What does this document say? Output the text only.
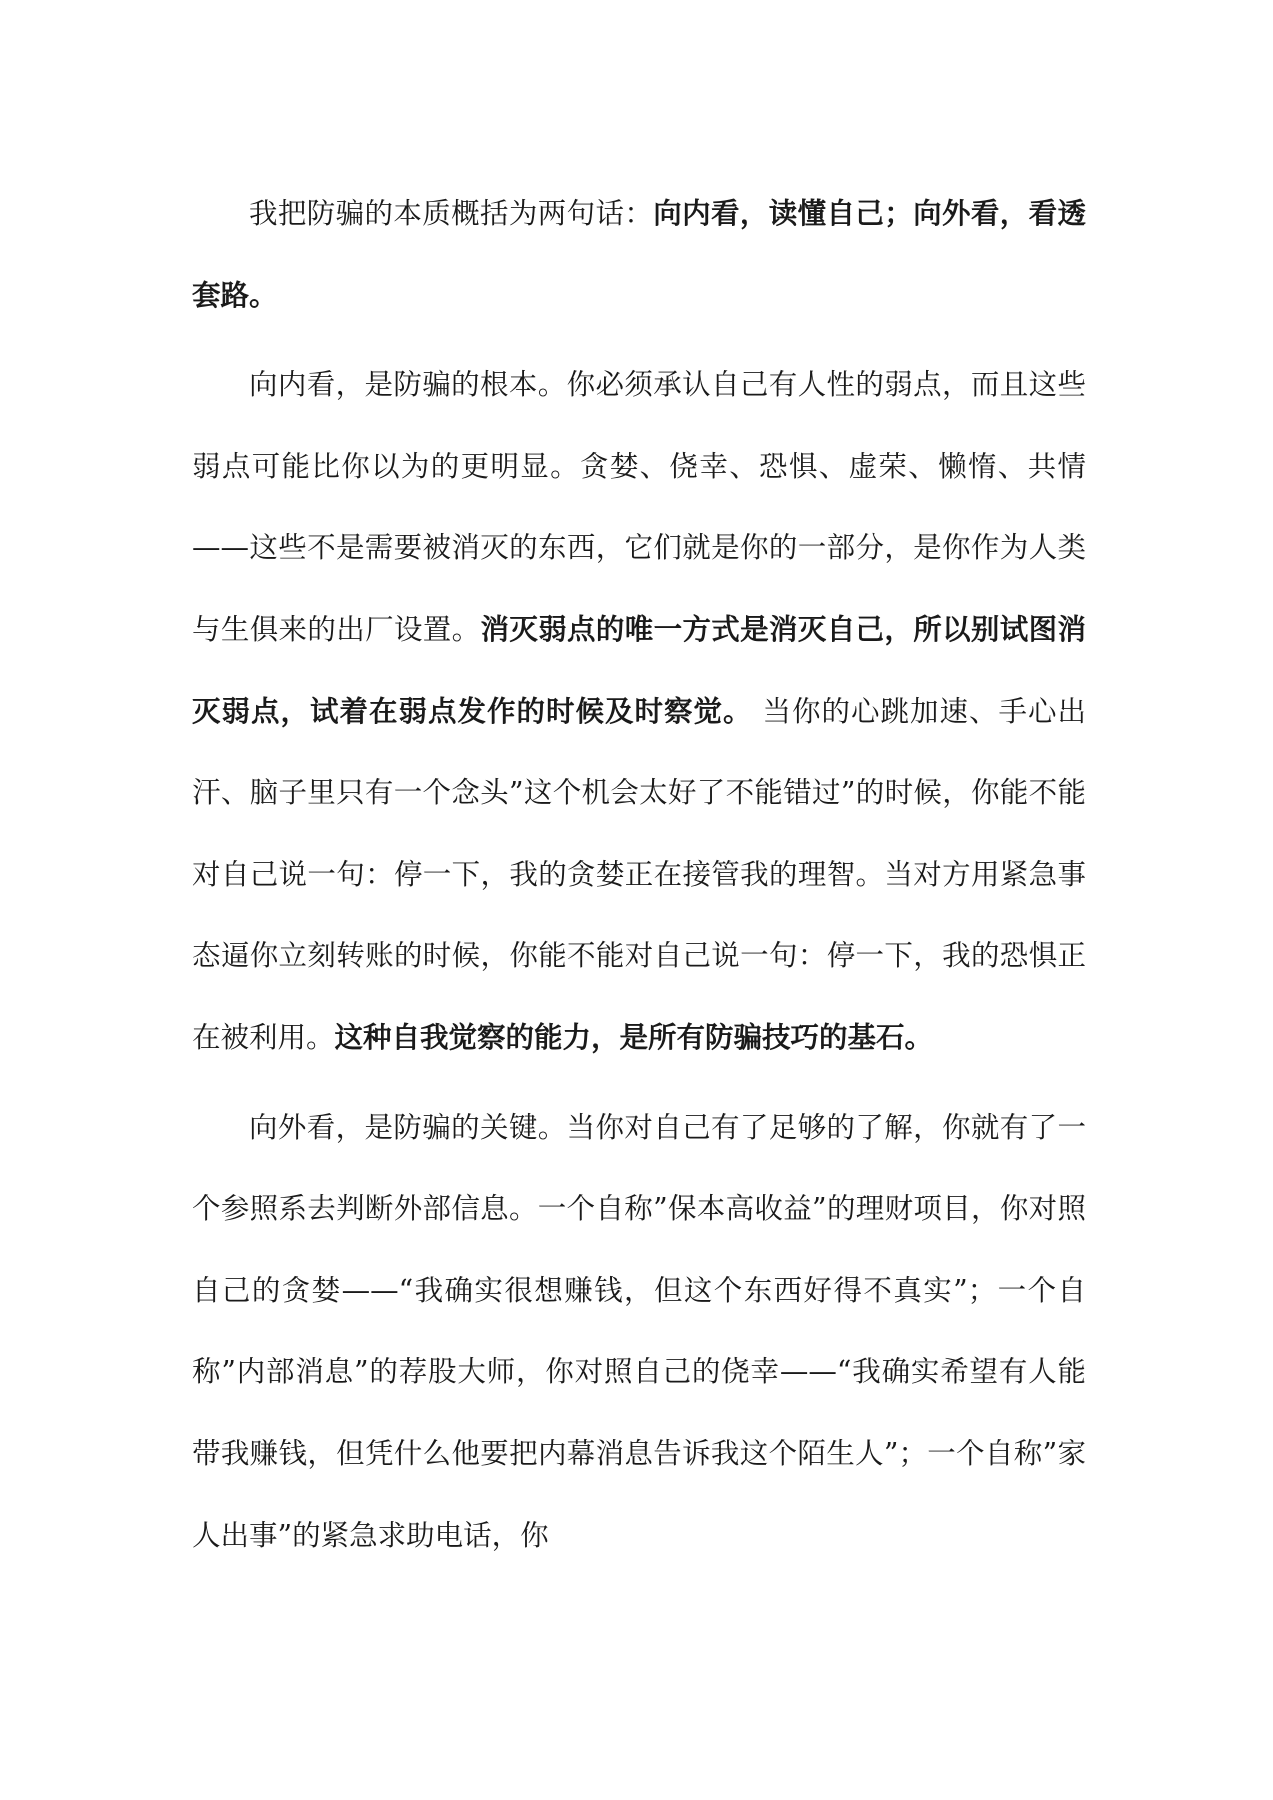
我把防骗的本质概括为两句话：向内看，读懂自己；向外看，看透套路。

向内看，是防骗的根本。你必须承认自己有人性的弱点，而且这些弱点可能比你以为的更明显。贪婪、侥幸、恐惧、虚荣、懒惰、共情——这些不是需要被消灭的东西，它们就是你的一部分，是你作为人类与生俱来的出厂设置。消灭弱点的唯一方式是消灭自己，所以别试图消灭弱点，试着在弱点发作的时候及时察觉。 当你的心跳加速、手心出汗、脑子里只有一个念头”这个机会太好了不能错过”的时候，你能不能对自己说一句：停一下，我的贪婪正在接管我的理智。当对方用紧急事态逼你立刻转账的时候，你能不能对自己说一句：停一下，我的恐惧正在被利用。这种自我觉察的能力，是所有防骗技巧的基石。

向外看，是防骗的关键。当你对自己有了足够的了解，你就有了一个参照系去判断外部信息。一个自称”保本高收益”的理财项目，你对照自己的贪婪——“我确实很想赚钱，但这个东西好得不真实”；一个自称”内部消息”的荐股大师，你对照自己的侥幸——“我确实希望有人能带我赚钱，但凭什么他要把内幕消息告诉我这个陌生人”；一个自称”家人出事”的紧急求助电话，你
